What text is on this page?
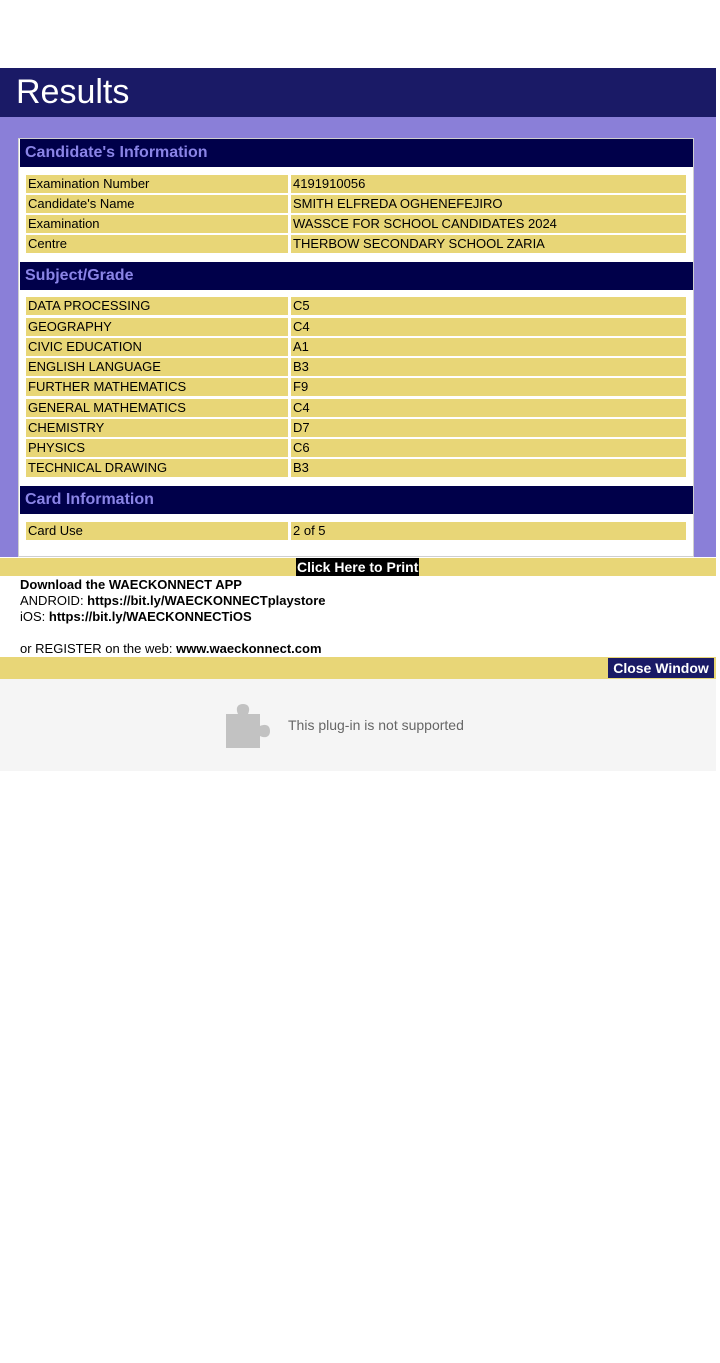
Results
Candidate's Information
Examination Number	4191910056
Candidate's Name	SMITH ELFREDA OGHENEFEJIRO
Examination	WASSCE FOR SCHOOL CANDIDATES 2024
Centre	THERBOW SECONDARY SCHOOL ZARIA
Subject/Grade
DATA PROCESSING	C5
GEOGRAPHY	C4
CIVIC EDUCATION	A1
ENGLISH LANGUAGE	B3
FURTHER MATHEMATICS	F9
GENERAL MATHEMATICS	C4
CHEMISTRY	D7
PHYSICS	C6
TECHNICAL DRAWING	B3
Card Information
Card Use	2 of 5
Click Here to Print
Download the WAECKONNECT APP
ANDROID: https://bit.ly/WAECKONNECTplaystore
iOS: https://bit.ly/WAECKONNECTiOS

or REGISTER on the web: www.waeckonnect.com
Close Window
This plug-in is not supported
